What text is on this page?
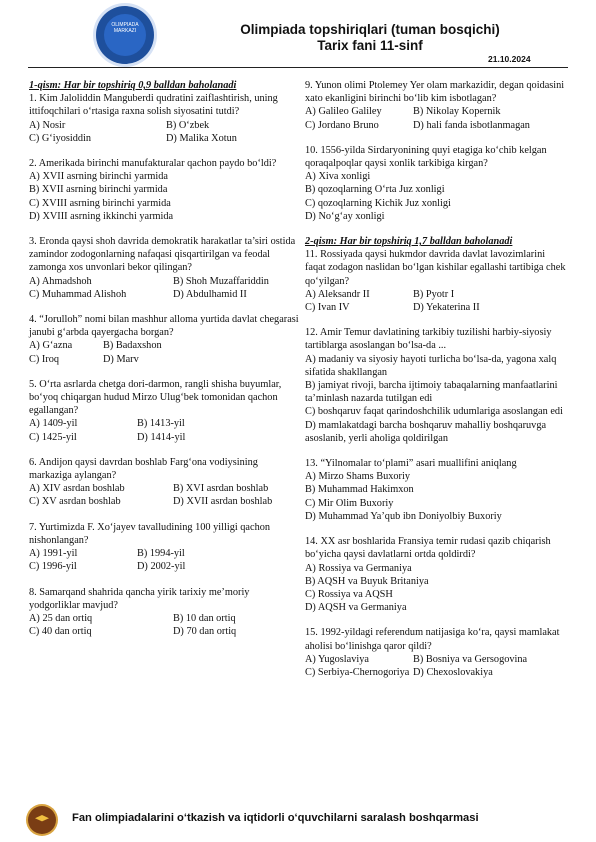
OLIMPIADA MARKAZI	Olimpiada topshiriqlari (tuman bosqichi)
Tarix fani 11-sinf
21.10.2024
1-qism: Har bir topshiriq 0,9 balldan baholanadi

1. Kim Jaloliddin Manguberdi qudratini zaiflashtirish, uning ittifoqchilari o‘rtasiga raxna solish siyosatini tutdi?

A) Nosir	B) O‘zbek
C) G‘iyosiddin	D) Malika Xotun

2. Amerikada birinchi manufakturalar qachon paydo bo‘ldi?

A) XVII asrning birinchi yarmida
B) XVII asrning birinchi yarmida
C) XVIII asrning birinchi yarmida
D) XVIII asrning ikkinchi yarmida

3. Eronda qaysi shoh davrida demokratik harakatlar ta’siri ostida zamindor zodogonlarning nafaqasi qisqartirilgan va feodal zamonga xos unvonlari bekor qilingan?

A) Ahmadshoh	B) Shoh Muzaffariddin
C) Muhammad Alishoh	D) Abdulhamid II

4. “Jorulloh” nomi bilan mashhur alloma yurtida davlat chegarasi janubi g‘arbda qayergacha borgan?

A) G‘azna	B) Badaxshon
C) Iroq	D) Marv

5. O‘rta asrlarda chetga dori-darmon, rangli shisha buyumlar, bo‘yoq chiqargan hudud Mirzo Ulug‘bek tomonidan qachon egallangan?

A) 1409-yil	B) 1413-yil
C) 1425-yil	D) 1414-yil

6. Andijon qaysi davrdan boshlab Farg‘ona vodiysining markaziga aylangan?

A) XIV asrdan boshlab	B) XVI asrdan boshlab
C) XV asrdan boshlab	D) XVII asrdan boshlab

7. Yurtimizda F. Xo‘jayev tavalludining 100 yilligi qachon nishonlangan?

A) 1991-yil	B) 1994-yil
C) 1996-yil	D) 2002-yil

8. Samarqand shahrida qancha yirik tarixiy me’moriy yodgorliklar mavjud?

A) 25 dan ortiq	B) 10 dan ortiq
C) 40 dan ortiq	D) 70 dan ortiq

9. Yunon olimi Ptolemey Yer olam markazidir, degan qoidasini xato ekanligini birinchi bo‘lib kim isbotlagan?

A) Galileo Galiley	B) Nikolay Kopernik
C) Jordano Bruno	D) hali fanda isbotlanmagan

10. 1556-yilda Sirdaryonining quyi etagiga ko‘chib kelgan qoraqalpoqlar qaysi xonlik tarkibiga kirgan?

A) Xiva xonligi
B) qozoqlarning O‘rta Juz xonligi
C) qozoqlarning Kichik Juz xonligi
D) No‘g‘ay xonligi
2-qism: Har bir topshiriq 1,7 balldan baholanadi

11. Rossiyada qaysi hukmdor davrida davlat lavozimlarini faqat zodagon naslidan bo‘lgan kishilar egallashi tartibiga chek qo‘yilgan?

A) Aleksandr II	B) Pyotr I
C) Ivan IV	D) Yekaterina II

12. Amir Temur davlatining tarkibiy tuzilishi harbiy-siyosiy tartiblarga asoslangan bo‘lsa-da ...

A) madaniy va siyosiy hayoti turlicha bo‘lsa-da, yagona xalq sifatida shakllangan
B) jamiyat rivoji, barcha ijtimoiy tabaqalarning manfaatlarini ta’minlash nazarda tutilgan edi
C) boshqaruv faqat qarindoshchilik udumlariga asoslangan edi
D) mamlakatdagi barcha boshqaruv mahalliy boshqaruvga asoslanib, yerli aholiga qoldirilgan

13. “Yilnomalar to‘plami” asari muallifini aniqlang

A) Mirzo Shams Buxoriy
B) Muhammad Hakimxon
C) Mir Olim Buxoriy
D) Muhammad Ya’qub ibn Doniyolbiy Buxoriy

14. XX asr boshlarida Fransiya temir rudasi qazib chiqarish bo‘yicha qaysi davlatlarni ortda qoldirdi?

A) Rossiya va Germaniya
B) AQSH va Buyuk Britaniya
C) Rossiya va AQSH
D) AQSH va Germaniya

15. 1992-yildagi referendum natijasiga ko‘ra, qaysi mamlakat aholisi bo‘linishga qaror qildi?

A) Yugoslaviya	B) Bosniya va Gersogovina
C) Serbiya-Chernogoriya D) Chexoslovakiya
Fan olimpiadalarini o‘tkazish va iqtidorli o‘quvchilarni saralash boshqarmasi
